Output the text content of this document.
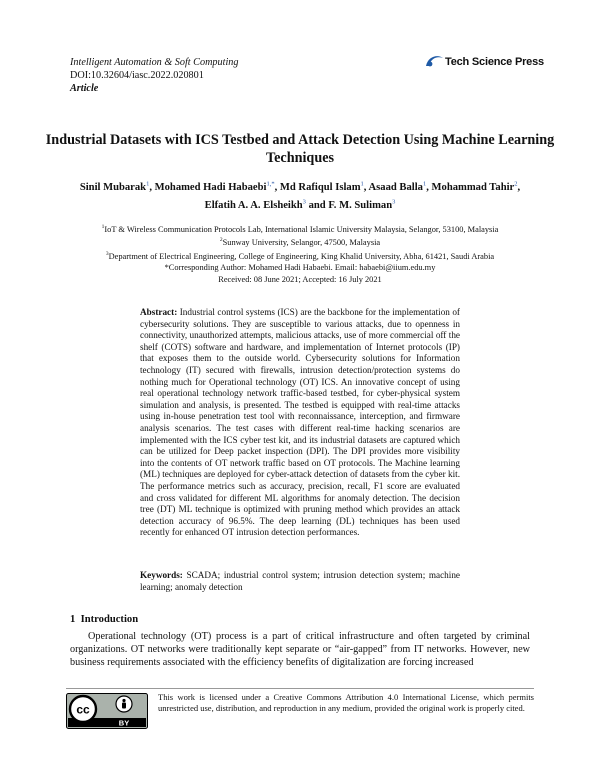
Intelligent Automation & Soft Computing
DOI:10.32604/iasc.2022.020801
Article
Tech Science Press
Industrial Datasets with ICS Testbed and Attack Detection Using Machine Learning Techniques
Sinil Mubarak$^1$, Mohamed Hadi Habaebi$^{1,*}$, Md Rafiqul Islam$^1$, Asaad Balla$^1$, Mohammad Tahir$^2$,
Elfatih A. A. Elsheikh$^3$ and F. M. Suliman$^3$
$^1$IoT & Wireless Communication Protocols Lab, International Islamic University Malaysia, Selangor, 53100, Malaysia
$^2$Sunway University, Selangor, 47500, Malaysia
$^3$Department of Electrical Engineering, College of Engineering, King Khalid University, Abha, 61421, Saudi Arabia
*Corresponding Author: Mohamed Hadi Habaebi. Email: habaebi@iium.edu.my
Received: 08 June 2021; Accepted: 16 July 2021

Abstract: Industrial control systems (ICS) are the backbone for the implementation of cybersecurity solutions. They are susceptible to various attacks, due to openness in connectivity, unauthorized attempts, malicious attacks, use of more commercial off the shelf (COTS) software and hardware, and implementation of Internet protocols (IP) that exposes them to the outside world. Cybersecurity solutions for Information technology (IT) secured with firewalls, intrusion detection/protection systems do nothing much for Operational technology (OT) ICS. An innovative concept of using real operational technology network traffic-based testbed, for cyber-physical system simulation and analysis, is presented. The testbed is equipped with real-time attacks using in-house penetration test tool with reconnaissance, interception, and firmware analysis scenarios. The test cases with different real-time hacking scenarios are implemented with the ICS cyber test kit, and its industrial datasets are captured which can be utilized for Deep packet inspection (DPI). The DPI provides more visibility into the contents of OT network traffic based on OT protocols. The Machine learning (ML) techniques are deployed for cyber-attack detection of datasets from the cyber kit. The performance metrics such as accuracy, precision, recall, F1 score are evaluated and cross validated for different ML algorithms for anomaly detection. The decision tree (DT) ML technique is optimized with pruning method which provides an attack detection accuracy of 96.5%. The deep learning (DL) techniques has been used recently for enhanced OT intrusion detection performances.

Keywords: SCADA; industrial control system; intrusion detection system; machine learning; anomaly detection

1 Introduction

Operational technology (OT) process is a part of critical infrastructure and often targeted by criminal organizations. OT networks were traditionally kept separate or “air-gapped” from IT networks. However, new business requirements associated with the efficiency benefits of digitalization are forcing increased

cc
BY
This work is licensed under a Creative Commons Attribution 4.0 International License, which permits unrestricted use, distribution, and reproduction in any medium, provided the original work is properly cited.
